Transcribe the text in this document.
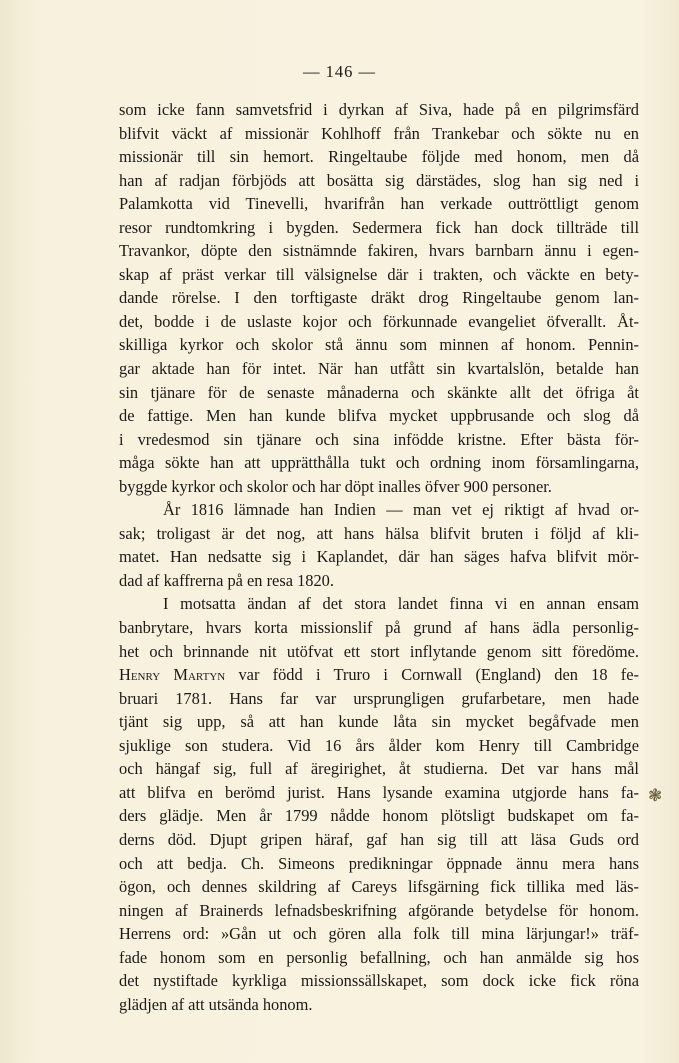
— 146 —
som icke fann samvetsfrid i dyrkan af Siva, hade på en pilgrimsfärd
blifvit väckt af missionär Kohlhoff från Trankebar och sökte nu en
missionär till sin hemort. Ringeltaube följde med honom, men då
han af radjan förbjöds att bosätta sig därstädes, slog han sig ned i
Palamkotta vid Tinevelli, hvarifrån han verkade outtröttligt genom
resor rundtomkring i bygden. Sedermera fick han dock tillträde till
Travankor, döpte den sistnämnde fakiren, hvars barnbarn ännu i egen-
skap af präst verkar till välsignelse där i trakten, och väckte en bety-
dande rörelse. I den torftigaste dräkt drog Ringeltaube genom lan-
det, bodde i de uslaste kojor och förkunnade evangeliet öfverallt. Åt-
skilliga kyrkor och skolor stå ännu som minnen af honom. Pennin-
gar aktade han för intet. När han utfått sin kvartalslön, betalde han
sin tjänare för de senaste månaderna och skänkte allt det öfriga åt
de fattige. Men han kunde blifva mycket uppbrusande och slog då
i vredesmod sin tjänare och sina infödde kristne. Efter bästa för-
måga sökte han att upprätthålla tukt och ordning inom församlingarna,
byggde kyrkor och skolor och har döpt inalles öfver 900 personer.
År 1816 lämnade han Indien — man vet ej riktigt af hvad or-
sak; troligast är det nog, att hans hälsa blifvit bruten i följd af kli-
matet. Han nedsatte sig i Kaplandet, där han säges hafva blifvit mör-
dad af kaffrerna på en resa 1820.
I motsatta ändan af det stora landet finna vi en annan ensam
banbrytare, hvars korta missionslif på grund af hans ädla personlig-
het och brinnande nit utöfvat ett stort inflytande genom sitt föredöme.
Henry Martyn var född i Truro i Cornwall (England) den 18 fe-
bruari 1781. Hans far var ursprungligen grufarbetare, men hade
tjänt sig upp, så att han kunde låta sin mycket begåfvade men
sjuklige son studera. Vid 16 års ålder kom Henry till Cambridge
och hängaf sig, full af äregirighet, åt studierna. Det var hans mål
att blifva en berömd jurist. Hans lysande examina utgjorde hans fa-
ders glädje. Men år 1799 nådde honom plötsligt budskapet om fa-
derns död. Djupt gripen häraf, gaf han sig till att läsa Guds ord
och att bedja. Ch. Simeons predikningar öppnade ännu mera hans
ögon, och dennes skildring af Careys lifsgärning fick tillika med läs-
ningen af Brainerds lefnadsbeskrifning afgörande betydelse för honom.
Herrens ord: »Gån ut och gören alla folk till mina lärjungar!» träf-
fade honom som en personlig befallning, och han anmälde sig hos
det nystiftade kyrkliga missionssällskapet, som dock icke fick röna
glädjen af att utsända honom.
❃
